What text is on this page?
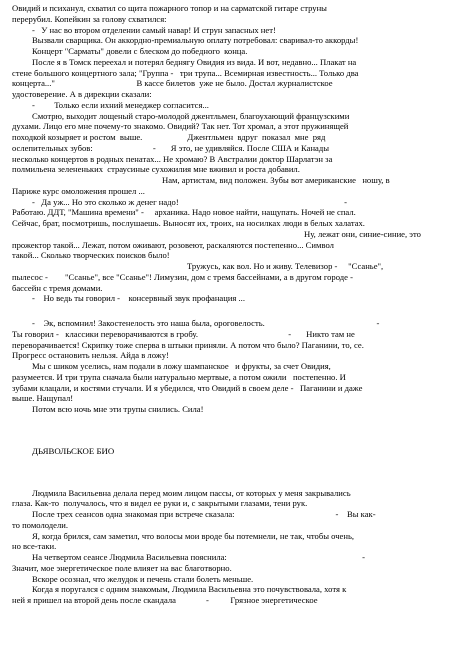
Овидий и психанул, схватил со щита пожарного топор и на сарматской гитаре струны
перерубил. Копейкин за голову схватился:
-   У нас во втором отделении самый навар! И струн запасных нет!
Вызвали сварщика. Он аккордно-премиальную оплату потребовал: сваривал-то аккорды!
Концерт "Сарматы" довели с блеском до победного  конца.
После я в Томск переехал и потерял беднягу Овидия из вида. И вот, недавно... Плакат на
стене большого концертного зала; "Группа -   три трупа... Всемирная известность... Только два
концерта..."                                      В кассе билетов  уже не было. Достал журналистское
удостоверение. А в дирекции сказали:
-         Только если ихний менеджер согласится...
Смотрю, выходит лощеный старо-молодой джентльмен, благоухающий французскими
духами. Лицо его мне почему-то знакомо. Овидий? Так нет. Тот хромал, а этот пружинящей
походкой козыряет и ростом  выше.                     Джентльмен  вдруг  показал  мне  ряд
ослепительных зубов:                            -       Я это, не удивляйся. После США и Канады
несколько концертов в родных пенатах... Не хромаю? В Австралии доктор Шарлатэн за
полмильена зелененьких  страусиные сухожилия мне вживил и роста добавил.
Нам, артистам, вид положен. Зубы вот американские   ношу, в
Париже курс омоложения прошел ...
-   Да уж... Но это сколько ж денег надо!                                                                             -
Работаю. ДДТ, "Машина времени" -     арханика. Надо новое найти, нащупать. Ночей не спал.
Сейчас, брат, посмотришь, послушаешь. Выносят их, троих, на носилках люди в белых халатах.
Ну, лежат они, синие-синие, это
прожектор такой... Лежат, потом оживают, розовеют, раскаляются постепенно... Символ
такой... Сколько творческих поисков было!
Тружусь, как вол. Но и живу. Телевизор -     "Ссанье",
пылесос -        "Ссанье", все "Ссанье"! Лимузин, дом с тремя бассейнами, а в другом городе -
бассейн с тремя домами.
-    Но ведь ты говорил -    консервный звук профанация ...
-    Эк, вспомнил! Закостенелость это наша была, ороговелость.                                                    -
Ты говорил -   классики переворачиваются в гробу.                                          -       Никто там не
переворачивается! Скрипку тоже сперва в штыки приняли. А потом что было? Паганини, то, се.
Прогресс остановить нельзя. Айда в ложу!
Мы с шиком уселись, нам подали в ложу шампанское   и фрукты, за счет Овидия,
разумеется. И три трупа сначала были натурально мертвые, а потом ожили   постепенно. И
зубами клацали, и костями стучали. И я убедился, что Овидий в своем деле -   Паганини и даже
выше. Нащупал!
Потом всю ночь мне эти трупы снились. Сила!
ДЬЯВОЛЬСКОЕ БИО
Людмила Васильевна делала перед моим лицом пассы, от которых у меня закрывались
глаза. Как-то  получалось, что я видел ее руки и, с закрытыми глазами, тени рук.
После трех сеансов одна знакомая при встрече сказала:                                               -    Вы как-
то помолодели.
Я, когда брился, сам заметил, что волосы мои вроде бы потемнели, не так, чтобы очень,
но все-таки.
На четвертом сеансе Людмила Васильевна пояснила:                                                               -
Значит, мое энергетическое поле влияет на вас благотворно.
Вскоре осознал, что желудок и печень стали болеть меньше.
Когда я поругался с одним знакомым, Людмила Васильевна это почувствовала, хотя к
ней я пришел на второй день после скандала              -          Грязное энергетическое
